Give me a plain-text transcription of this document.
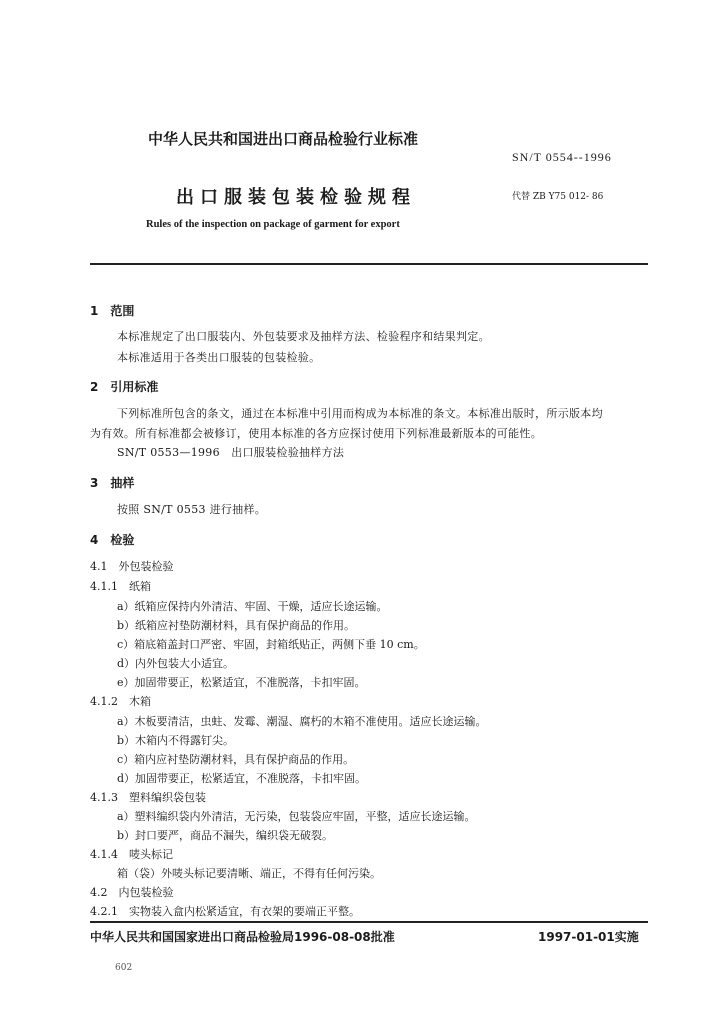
中华人民共和国进出口商品检验行业标准
SN/T 0554--1996
出口服装包装检验规程	代替 ZB Y75 012- 86
Rules of the inspection on package of garment for export
1　范围
本标准规定了出口服装内、外包装要求及抽样方法、检验程序和结果判定。
本标准适用于各类出口服装的包装检验。
2　引用标准
下列标准所包含的条文，通过在本标准中引用而构成为本标准的条文。本标准出版时，所示版本均
为有效。所有标准都会被修订，使用本标准的各方应探讨使用下列标准最新版本的可能性。
SN/T 0553—1996　出口服装检验抽样方法
3　抽样
按照 SN/T 0553 进行抽样。
4　检验
4.1　外包装检验
4.1.1　纸箱
a）纸箱应保持内外清洁、牢固、干燥，适应长途运输。
b）纸箱应衬垫防潮材料，具有保护商品的作用。
c）箱底箱盖封口严密、牢固，封箱纸贴正，两侧下垂 10 cm。
d）内外包装大小适宜。
e）加固带要正，松紧适宜，不准脱落，卡扣牢固。
4.1.2　木箱
a）木板要清洁，虫蛀、发霉、潮湿、腐朽的木箱不准使用。适应长途运输。
b）木箱内不得露钉尖。
c）箱内应衬垫防潮材料，具有保护商品的作用。
d）加固带要正，松紧适宜，不准脱落，卡扣牢固。
4.1.3　塑料编织袋包装
a）塑料编织袋内外清洁，无污染，包装袋应牢固，平整，适应长途运输。
b）封口要严，商品不漏失，编织袋无破裂。
4.1.4　唛头标记
箱（袋）外唛头标记要清晰、端正，不得有任何污染。
4.2　内包装检验
4.2.1　实物装入盒内松紧适宜，有衣架的要端正平整。
中华人民共和国国家进出口商品检验局1996-08-08批准	1997-01-01实施
602
